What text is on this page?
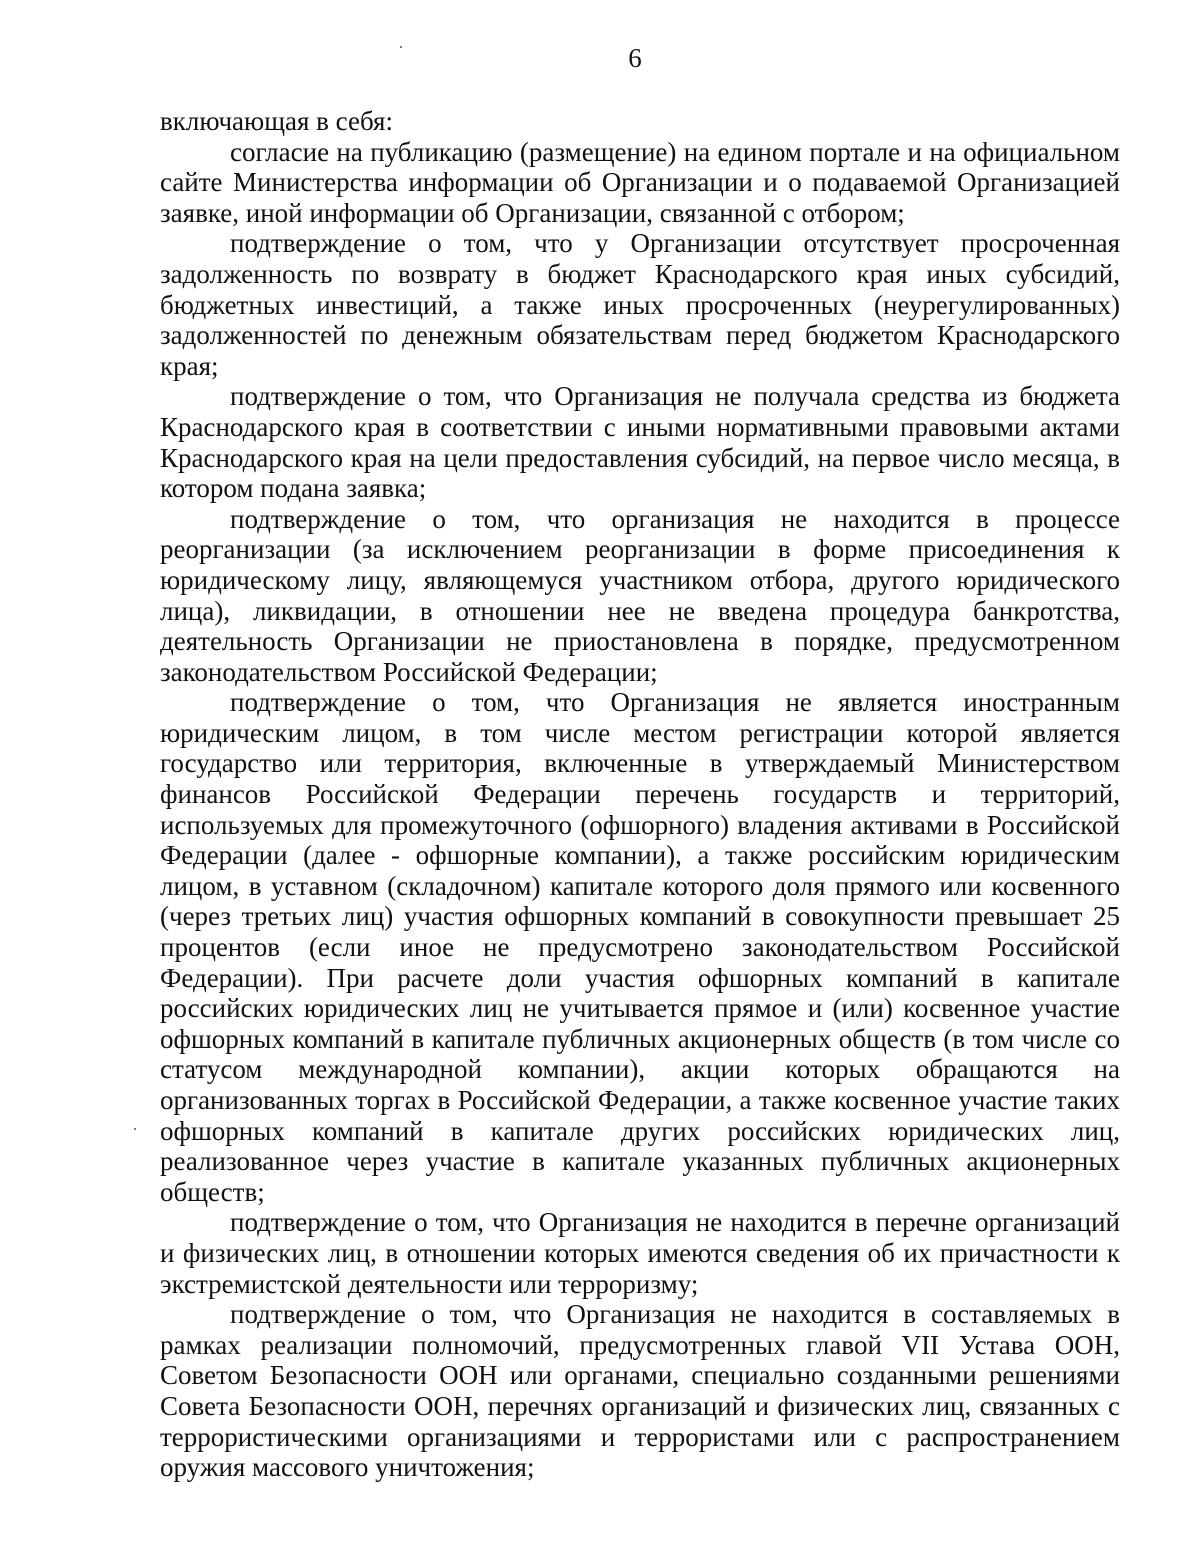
6

включающая в себя:

согласие на публикацию (размещение) на едином портале и на официальном сайте Министерства информации об Организации и о подаваемой Организацией заявке, иной информации об Организации, связанной с отбором;

подтверждение о том, что у Организации отсутствует просроченная задолженность по возврату в бюджет Краснодарского края иных субсидий, бюджетных инвестиций, а также иных просроченных (неурегулированных) задолженностей по денежным обязательствам перед бюджетом Краснодарского края;

подтверждение о том, что Организация не получала средства из бюджета Краснодарского края в соответствии с иными нормативными правовыми актами Краснодарского края на цели предоставления субсидий, на первое число месяца, в котором подана заявка;

подтверждение о том, что организация не находится в процессе реорганизации (за исключением реорганизации в форме присоединения к юридическому лицу, являющемуся участником отбора, другого юридического лица), ликвидации, в отношении нее не введена процедура банкротства, деятельность Организации не приостановлена в порядке, предусмотренном законодательством Российской Федерации;

подтверждение о том, что Организация не является иностранным юридическим лицом, в том числе местом регистрации которой является государство или территория, включенные в утверждаемый Министерством финансов Российской Федерации перечень государств и территорий, используемых для промежуточного (офшорного) владения активами в Российской Федерации (далее - офшорные компании), а также российским юридическим лицом, в уставном (складочном) капитале которого доля прямого или косвенного (через третьих лиц) участия офшорных компаний в совокупности превышает 25 процентов (если иное не предусмотрено законодательством Российской Федерации). При расчете доли участия офшорных компаний в капитале российских юридических лиц не учитывается прямое и (или) косвенное участие офшорных компаний в капитале публичных акционерных обществ (в том числе со статусом международной компании), акции которых обращаются на организованных торгах в Российской Федерации, а также косвенное участие таких офшорных компаний в капитале других российских юридических лиц, реализованное через участие в капитале указанных публичных акционерных обществ;

подтверждение о том, что Организация не находится в перечне организаций и физических лиц, в отношении которых имеются сведения об их причастности к экстремистской деятельности или терроризму;

подтверждение о том, что Организация не находится в составляемых в рамках реализации полномочий, предусмотренных главой VII Устава ООН, Советом Безопасности ООН или органами, специально созданными решениями Совета Безопасности ООН, перечнях организаций и физических лиц, связанных с террористическими организациями и террористами или с распространением оружия массового уничтожения;
